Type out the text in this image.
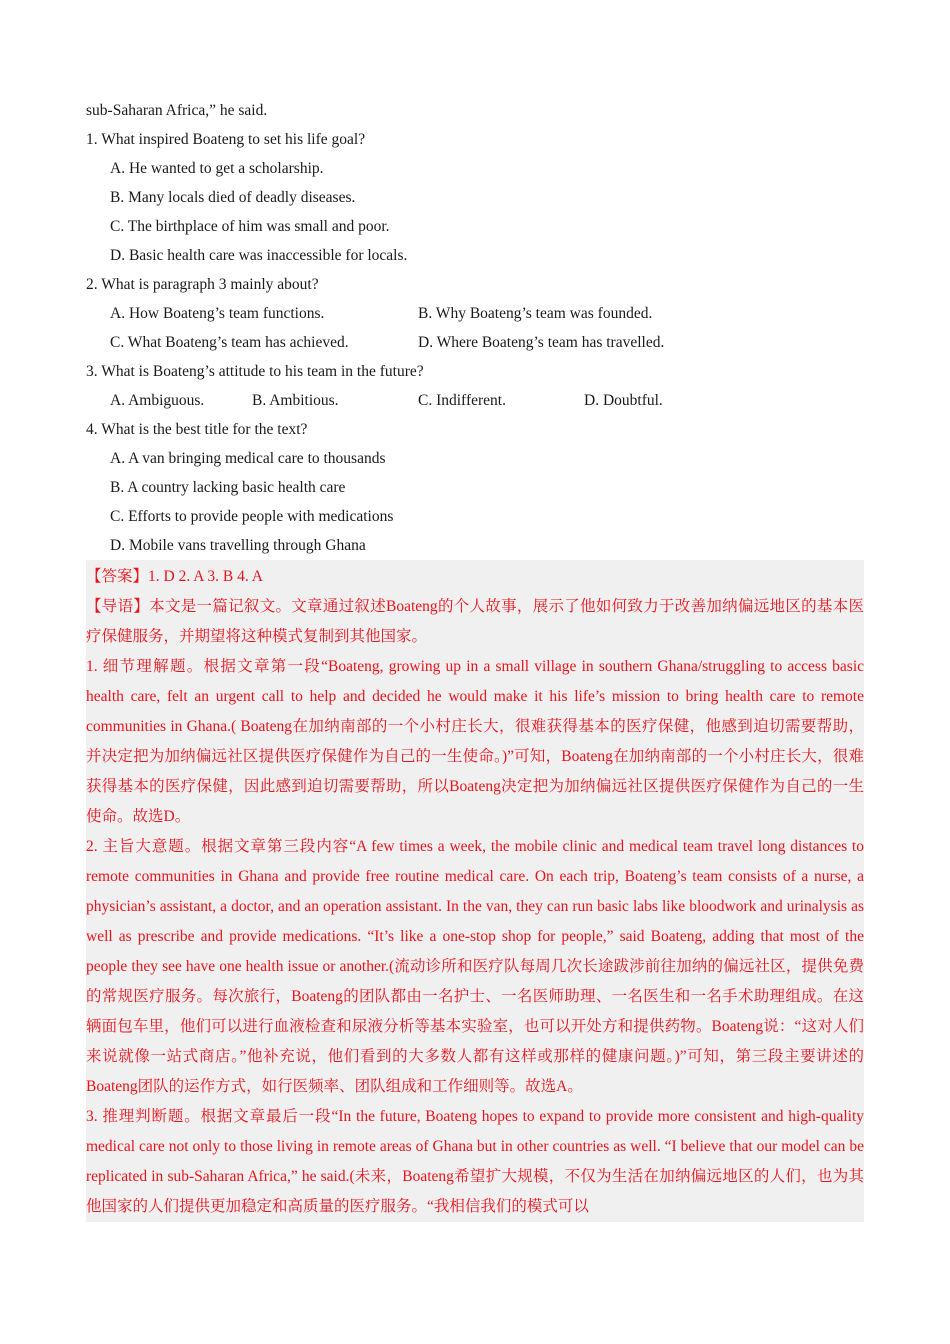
sub-Saharan Africa,” he said.
1. What inspired Boateng to set his life goal?
A. He wanted to get a scholarship.
B. Many locals died of deadly diseases.
C. The birthplace of him was small and poor.
D. Basic health care was inaccessible for locals.
2. What is paragraph 3 mainly about?
A. How Boateng’s team functions.	B. Why Boateng’s team was founded.
C. What Boateng’s team has achieved.	D. Where Boateng’s team has travelled.
3. What is Boateng’s attitude to his team in the future?
A. Ambiguous.	B. Ambitious.	C. Indifferent.	D. Doubtful.
4. What is the best title for the text?
A. A van bringing medical care to thousands
B. A country lacking basic health care
C. Efforts to provide people with medications
D. Mobile vans travelling through Ghana
【答案】1. D 2. A 3. B 4. A
【导语】本文是一篇记叙文。文章通过叙述Boateng的个人故事，展示了他如何致力于改善加纳偏远地区的基本医疗保健服务，并期望将这种模式复制到其他国家。
1. 细节理解题。根据文章第一段“Boateng, growing up in a small village in southern Ghana/struggling to access basic health care, felt an urgent call to help and decided he would make it his life’s mission to bring health care to remote communities in Ghana.( Boateng在加纳南部的一个小村庄长大，很难获得基本的医疗保健，他感到迫切需要帮助，并决定把为加纳偏远社区提供医疗保健作为自己的一生使命。)”可知，Boateng在加纳南部的一个小村庄长大，很难获得基本的医疗保健，因此感到迫切需要帮助，所以Boateng决定把为加纳偏远社区提供医疗保健作为自己的一生使命。故选D。
2. 主旨大意题。根据文章第三段内容“A few times a week, the mobile clinic and medical team travel long distances to remote communities in Ghana and provide free routine medical care. On each trip, Boateng’s team consists of a nurse, a physician’s assistant, a doctor, and an operation assistant. In the van, they can run basic labs like bloodwork and urinalysis as well as prescribe and provide medications. “It’s like a one-stop shop for people,” said Boateng, adding that most of the people they see have one health issue or another.(流动诊所和医疗队每周几次长途跋涉前往加纳的偏远社区，提供免费的常规医疗服务。每次旅行，Boateng的团队都由一名护士、一名医师助理、一名医生和一名手术助理组成。在这辆面包车里，他们可以进行血液检查和尿液分析等基本实验室，也可以开处方和提供药物。Boateng说：“这对人们来说就像一站式商店。”他补充说，他们看到的大多数人都有这样或那样的健康问题。)”可知，第三段主要讲述的Boateng团队的运作方式，如行医频率、团队组成和工作细则等。故选A。
3. 推理判断题。根据文章最后一段“In the future, Boateng hopes to expand to provide more consistent and high-quality medical care not only to those living in remote areas of Ghana but in other countries as well. “I believe that our model can be replicated in sub-Saharan Africa,” he said.(未来，Boateng希望扩大规模，不仅为生活在加纳偏远地区的人们，也为其他国家的人们提供更加稳定和高质量的医疗服务。“我相信我们的模式可以
